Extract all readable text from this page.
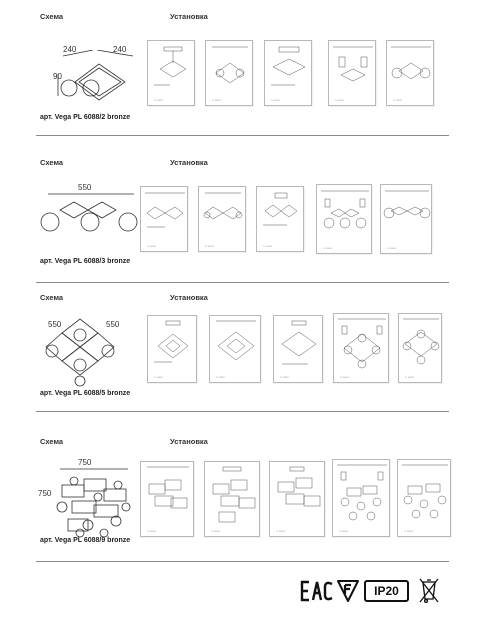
Схема	Установка
240	240
90
PL 6088/2	PL 6088/2	PL 6088/2	PL 6088/2	PL 6088/2
арт. Vega PL 6088/2 bronze
Схема	Установка
550
PL 6088/3	PL 6088/3	PL 6088/3
PL 6088/3	PL 6088/3
арт. Vega PL 6088/3 bronze
Схема	Установка
550	550
PL 6088/5	PL 6088/5	PL 6088/5	PL 6088/5	PL 6088/5
арт. Vega PL 6088/5 bronze
Схема	Установка
750
750
PL 6088/9	PL 6088/9	PL 6088/9	PL 6088/9	PL 6088/9
арт. Vega PL 6088/9 bronze
IP20
